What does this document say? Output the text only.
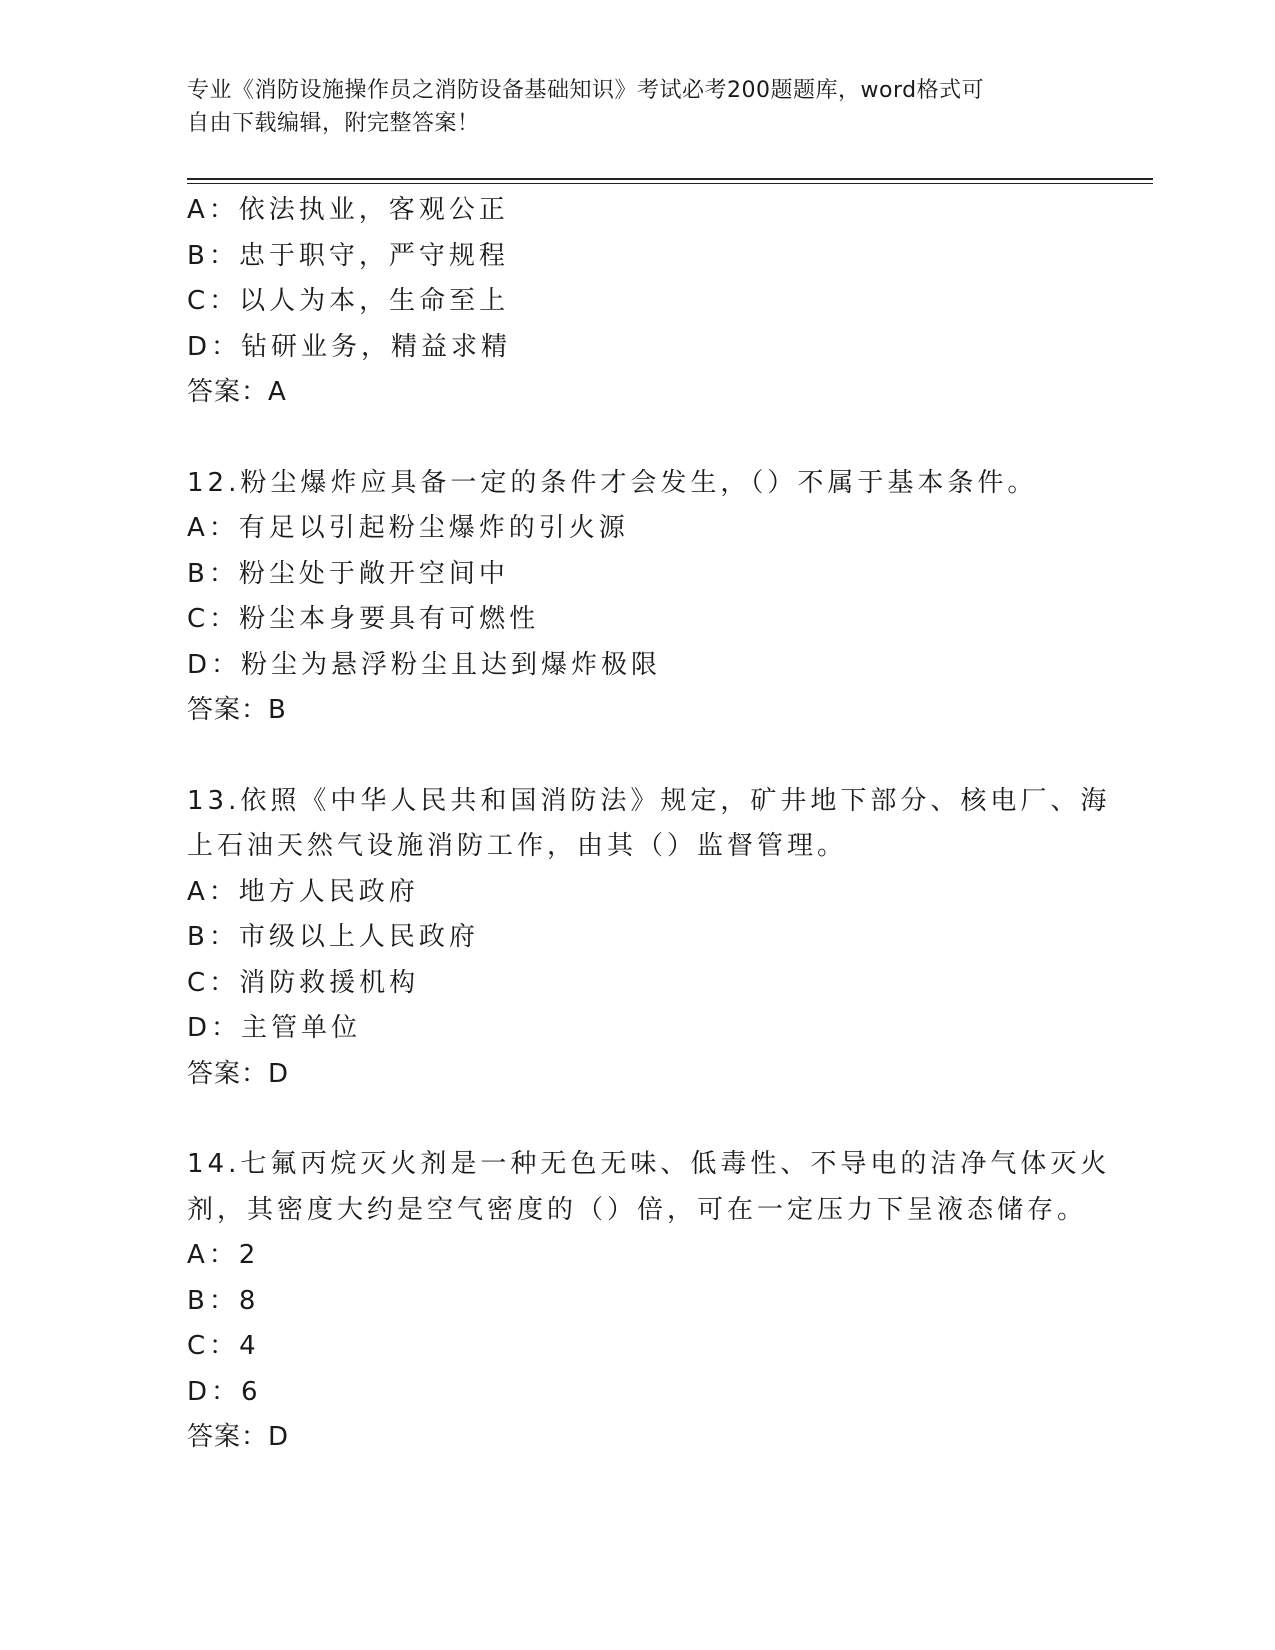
专业《消防设施操作员之消防设备基础知识》考试必考200题题库，word格式可
自由下载编辑，附完整答案！
A：依法执业，客观公正
B：忠于职守，严守规程
C：以人为本，生命至上
D：钻研业务，精益求精
答案：A
12.粉尘爆炸应具备一定的条件才会发生，（）不属于基本条件。
A：有足以引起粉尘爆炸的引火源
B：粉尘处于敞开空间中
C：粉尘本身要具有可燃性
D：粉尘为悬浮粉尘且达到爆炸极限
答案：B
13.依照《中华人民共和国消防法》规定，矿井地下部分、核电厂、海
上石油天然气设施消防工作，由其（）监督管理。
A：地方人民政府
B：市级以上人民政府
C：消防救援机构
D：主管单位
答案：D
14.七氟丙烷灭火剂是一种无色无味、低毒性、不导电的洁净气体灭火
剂，其密度大约是空气密度的（）倍，可在一定压力下呈液态储存。
A：2
B：8
C：4
D：6
答案：D
